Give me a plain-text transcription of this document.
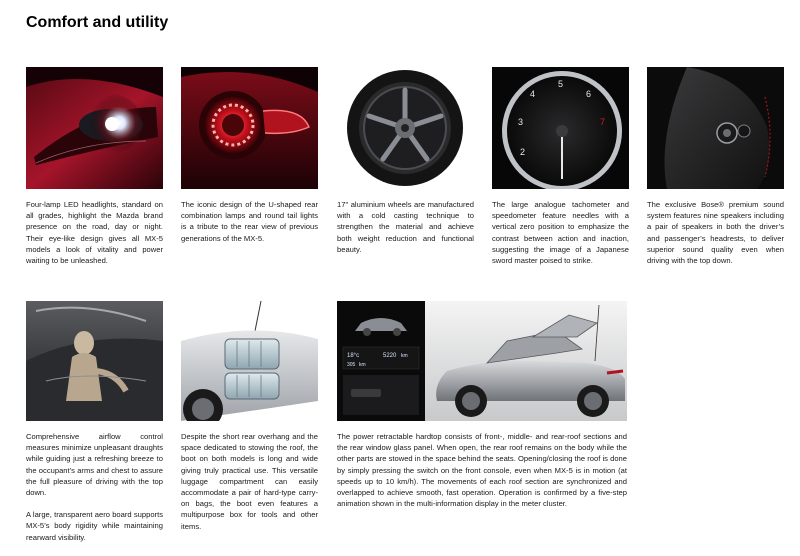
Comfort and utility
Four-lamp LED headlights, standard on all grades, highlight the Mazda brand presence on the road, day or night. Their eye-like design gives all MX-5 models a look of vitality and power waiting to be unleashed.
The iconic design of the U-shaped rear combination lamps and round tail lights is a tribute to the rear view of previous generations of the MX-5.
17" aluminium wheels are manufactured with a cold casting technique to strengthen the material and achieve both weight reduction and functional beauty.
2
3
4
5
6
7
The large analogue tachometer and speedometer feature needles with a vertical zero position to emphasize the contrast between action and inaction, suggesting the image of a Japanese sword master poised to strike.
The exclusive Bose® premium sound system features nine speakers including a pair of speakers in both the driver’s and passenger’s headrests, to deliver superior sound quality even when driving with the top down.

Comprehensive airflow control measures minimize unpleasant draughts while guiding just a refreshing breeze to the occupant’s arms and chest to assure the full pleasure of driving with the top down.

A large, transparent aero board supports MX-5’s body rigidity while maintaining rearward visibility.

Despite the short rear overhang and the space dedicated to stowing the roof, the boot on both models is long and wide giving truly practical use. This versatile luggage compartment can easily accommodate a pair of hard-type carry-on bags, the boot even features a multipurpose box for tools and other items.
18°c	5220 km
305 km
The power retractable hardtop consists of front-, middle- and rear-roof sections and the rear window glass panel. When open, the rear roof remains on the body while the other parts are stowed in the space behind the seats. Opening/closing the roof is done by simply pressing the switch on the front console, even when MX-5 is in motion (at speeds up to 10 km/h). The movements of each roof section are synchronized and overlapped to achieve smooth, fast operation. Operation is confirmed by a five-step animation shown in the multi-information display in the meter cluster.
